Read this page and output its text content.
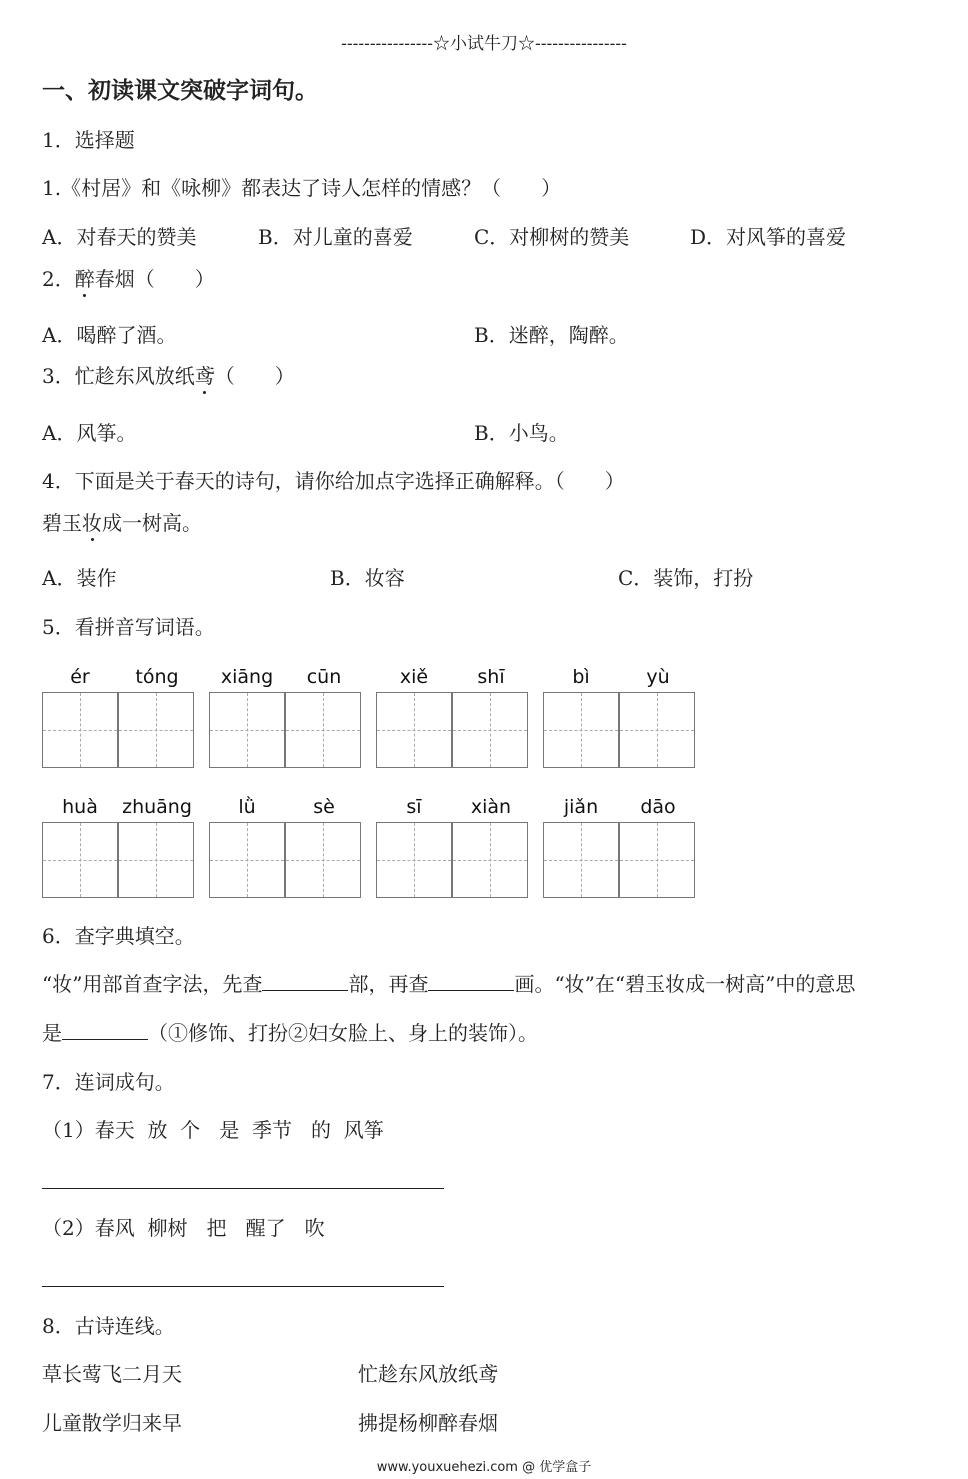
----------------☆小试牛刀☆----------------
一、初读课文突破字词句。
1．选择题
1.《村居》和《咏柳》都表达了诗人怎样的情感？（　　）
A．对春天的赞美	B．对儿童的喜爱	C．对柳树的赞美	D．对风筝的喜爱
2．醉春烟（　　）
A．喝醉了酒。	B．迷醉，陶醉。
3．忙趁东风放纸鸢（　　）
A．风筝。	B．小鸟。
4．下面是关于春天的诗句，请你给加点字选择正确解释。（　　）
碧玉妆成一树高。
A．装作	B．妆容	C．装饰，打扮
5．看拼音写词语。
ér	tóng	xiāng	cūn	xiě	shī	bì	yù
huà	zhuāng	lǜ	sè	sī	xiàn	jiǎn	dāo
6．查字典填空。
“妆”用部首查字法，先查	部，再查	画。“妆”在“碧玉妆成一树高”中的意思
是	（①修饰、打扮②妇女脸上、身上的装饰）。
7．连词成句。
（1）春天  放  个   是  季节   的  风筝
（2）春风  柳树   把   醒了   吹
8．古诗连线。
草长莺飞二月天	忙趁东风放纸鸢
儿童散学归来早	拂提杨柳醉春烟
www.youxuehezi.com @ 优学盒子
